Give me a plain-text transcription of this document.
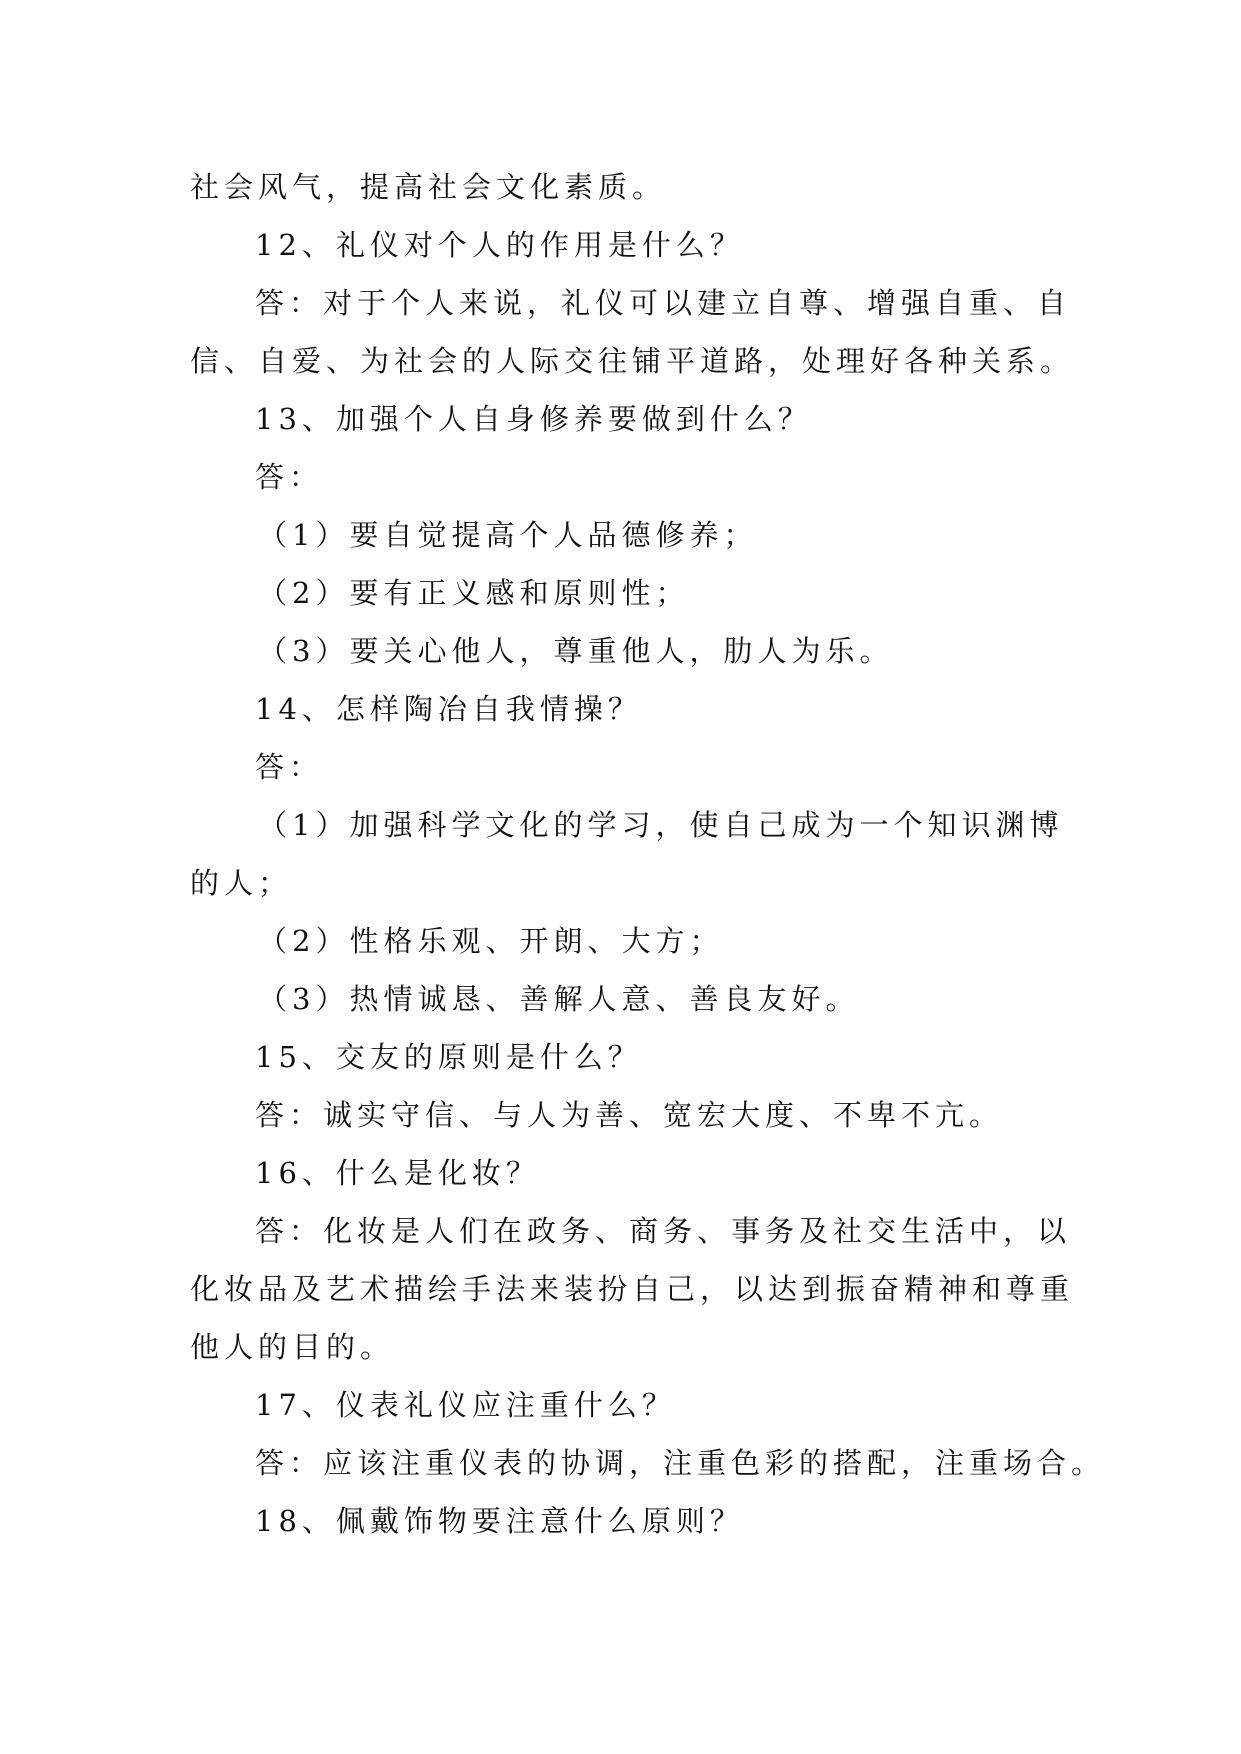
社会风气，提高社会文化素质。
12、礼仪对个人的作用是什么？
答：对于个人来说，礼仪可以建立自尊、增强自重、自
信、自爱、为社会的人际交往铺平道路，处理好各种关系。
13、加强个人自身修养要做到什么？
答：
（1）要自觉提高个人品德修养；
（2）要有正义感和原则性；
（3）要关心他人，尊重他人，肋人为乐。
14、怎样陶冶自我情操？
答：
（1）加强科学文化的学习，使自己成为一个知识渊博
的人；
（2）性格乐观、开朗、大方；
（3）热情诚恳、善解人意、善良友好。
15、交友的原则是什么？
答：诚实守信、与人为善、宽宏大度、不卑不亢。
16、什么是化妆？
答：化妆是人们在政务、商务、事务及社交生活中，以
化妆品及艺术描绘手法来装扮自己，以达到振奋精神和尊重
他人的目的。
17、仪表礼仪应注重什么？
答：应该注重仪表的协调，注重色彩的搭配，注重场合。
18、佩戴饰物要注意什么原则？
